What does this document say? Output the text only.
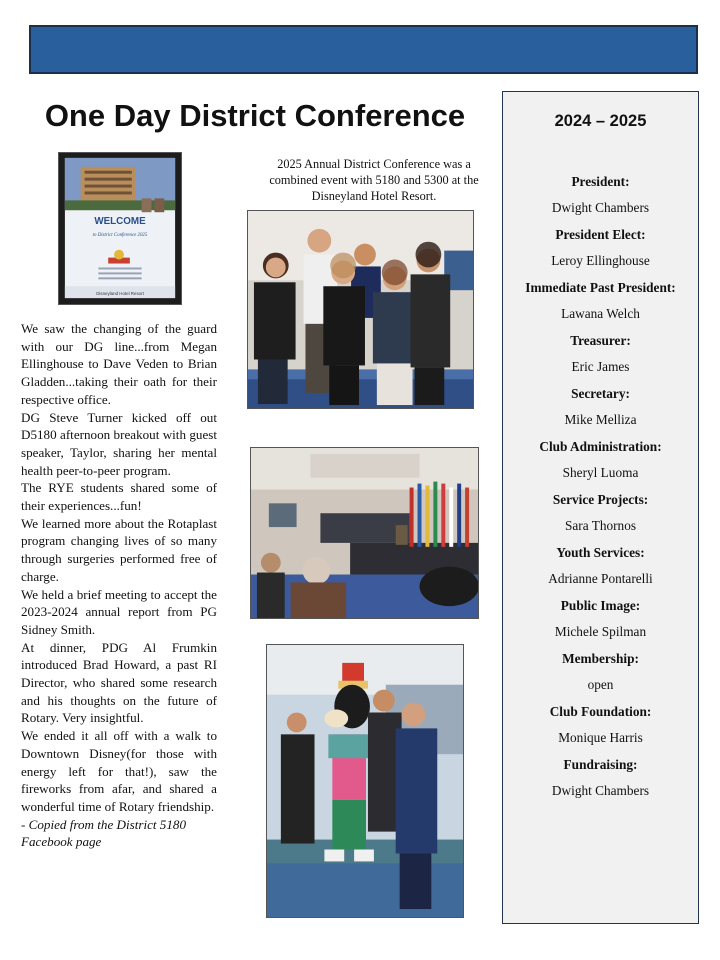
One Day District Conference
WELCOME
to District Conference 2025
Disneyland Hotel Resort

2025 Annual District Conference was a combined event with 5180 and 5300 at the Disneyland Hotel Resort.

We saw the changing of the guard with our DG line...from Megan Ellinghouse to Dave Veden to Brian Gladden...taking their oath for their respective office.

DG Steve Turner kicked off out D5180 afternoon breakout with guest speaker, Taylor, sharing her mental health peer-to-peer program.

The RYE students shared some of their experiences...fun!

We learned more about the Rotaplast program changing lives of so many through surgeries performed free of charge.

We held a brief meeting to accept the 2023-2024 annual report from PG Sidney Smith.

At dinner, PDG Al Frumkin introduced Brad Howard, a past RI Director, who shared some research and his thoughts on the future of Rotary. Very insightful.

We ended it all off with a walk to Downtown Disney(for those with energy left for that!), saw the fireworks from afar, and shared a wonderful time of Rotary friendship.

- Copied from the District 5180 Facebook page

2024 – 2025

President:
Dwight Chambers
President Elect:
Leroy Ellinghouse
Immediate Past President:
Lawana Welch
Treasurer:
Eric James
Secretary:
Mike Melliza
Club Administration:
Sheryl Luoma
Service Projects:
Sara Thornos
Youth Services:
Adrianne Pontarelli
Public Image:
Michele Spilman
Membership:
open
Club Foundation:
Monique Harris
Fundraising:
Dwight Chambers
